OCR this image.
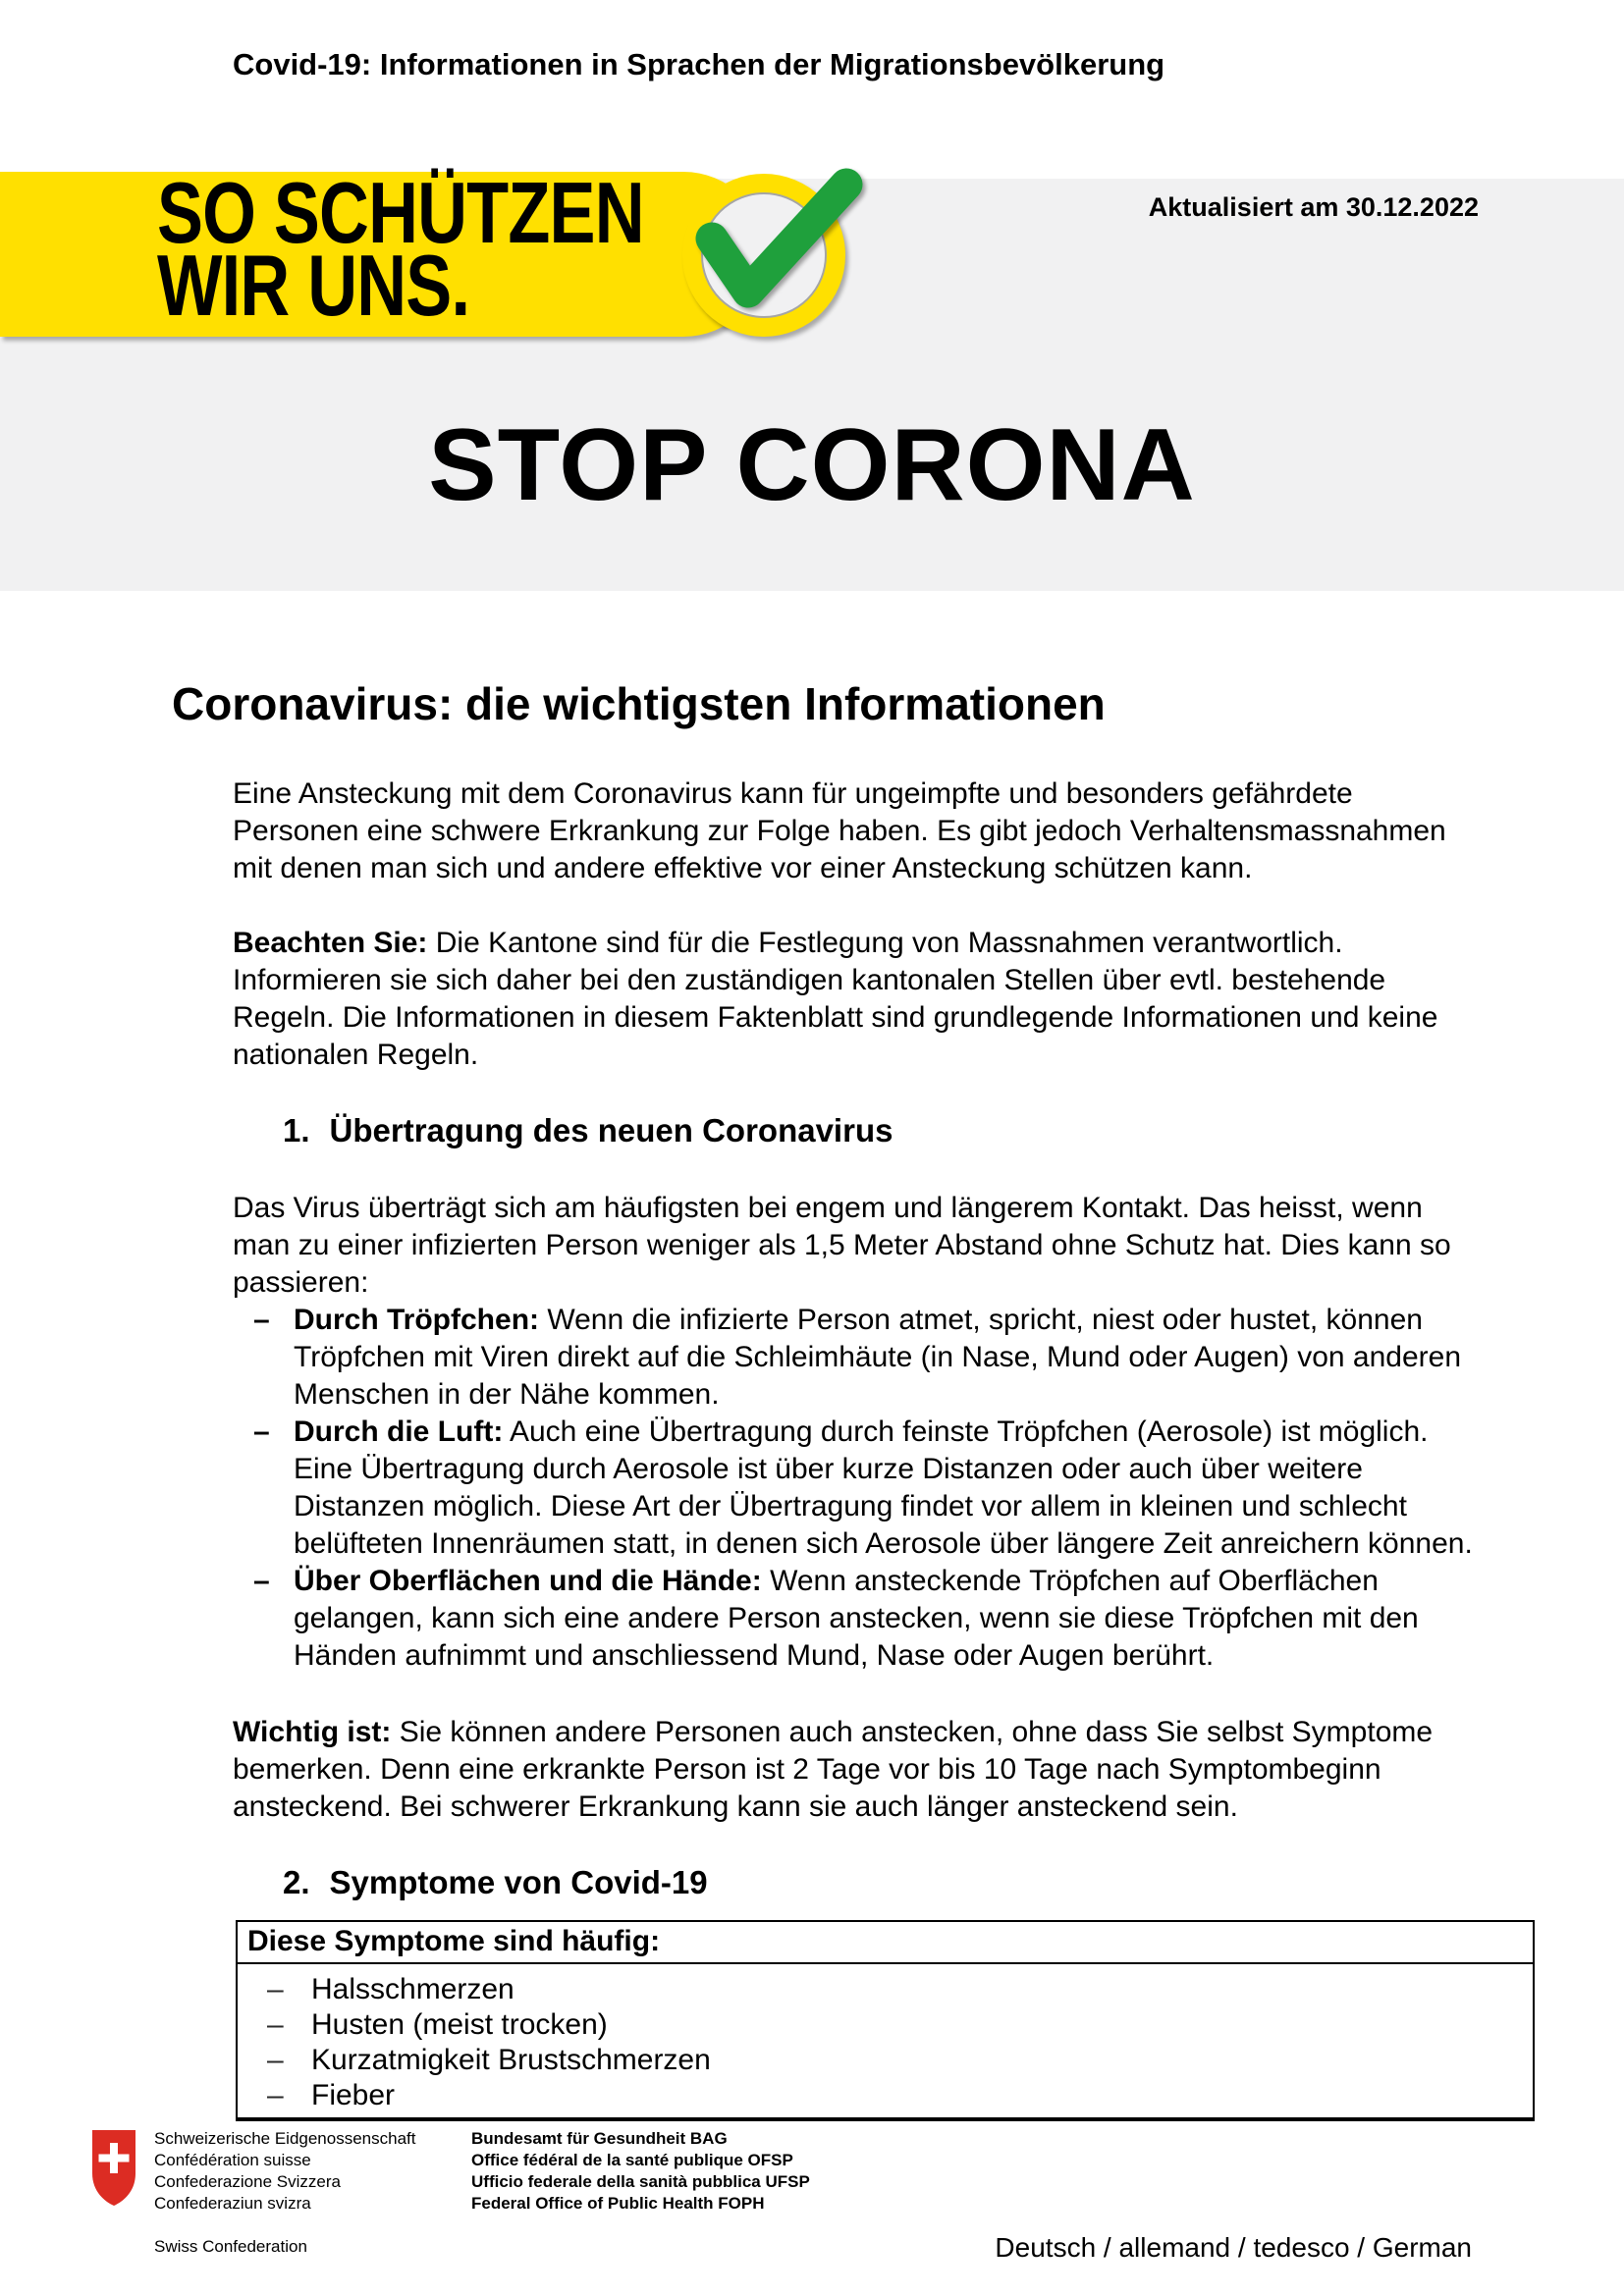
Covid-19: Informationen in Sprachen der Migrationsbevölkerung
SO SCHÜTZEN
WIR UNS.
Aktualisiert am 30.12.2022
STOP CORONA
Coronavirus: die wichtigsten Informationen

Eine Ansteckung mit dem Coronavirus kann für ungeimpfte und besonders gefährdete Personen eine schwere Erkrankung zur Folge haben. Es gibt jedoch Verhaltensmassnahmen mit denen man sich und andere effektive vor einer Ansteckung schützen kann.

Beachten Sie: Die Kantone sind für die Festlegung von Massnahmen verantwortlich. Informieren sie sich daher bei den zuständigen kantonalen Stellen über evtl. bestehende Regeln. Die Informationen in diesem Faktenblatt sind grundlegende Informationen und keine nationalen Regeln.

1. Übertragung des neuen Coronavirus

Das Virus überträgt sich am häufigsten bei engem und längerem Kontakt. Das heisst, wenn man zu einer infizierten Person weniger als 1,5 Meter Abstand ohne Schutz hat. Dies kann so passieren:

– Durch Tröpfchen: Wenn die infizierte Person atmet, spricht, niest oder hustet, können Tröpfchen mit Viren direkt auf die Schleimhäute (in Nase, Mund oder Augen) von anderen Menschen in der Nähe kommen.
– Durch die Luft: Auch eine Übertragung durch feinste Tröpfchen (Aerosole) ist möglich. Eine Übertragung durch Aerosole ist über kurze Distanzen oder auch über weitere Distanzen möglich. Diese Art der Übertragung findet vor allem in kleinen und schlecht belüfteten Innenräumen statt, in denen sich Aerosole über längere Zeit anreichern können.
– Über Oberflächen und die Hände: Wenn ansteckende Tröpfchen auf Oberflächen gelangen, kann sich eine andere Person anstecken, wenn sie diese Tröpfchen mit den Händen aufnimmt und anschliessend Mund, Nase oder Augen berührt.

Wichtig ist: Sie können andere Personen auch anstecken, ohne dass Sie selbst Symptome bemerken. Denn eine erkrankte Person ist 2 Tage vor bis 10 Tage nach Symptombeginn ansteckend. Bei schwerer Erkrankung kann sie auch länger ansteckend sein.

2. Symptome von Covid-19
Diese Symptome sind häufig:
– Halsschmerzen
– Husten (meist trocken)
– Kurzatmigkeit Brustschmerzen
– Fieber
Schweizerische Eidgenossenschaft
Confédération suisse
Confederazione Svizzera
Confederaziun svizra
Swiss Confederation
Bundesamt für Gesundheit BAG
Office fédéral de la santé publique OFSP
Ufficio federale della sanità pubblica UFSP
Federal Office of Public Health FOPH
Deutsch / allemand / tedesco / German
